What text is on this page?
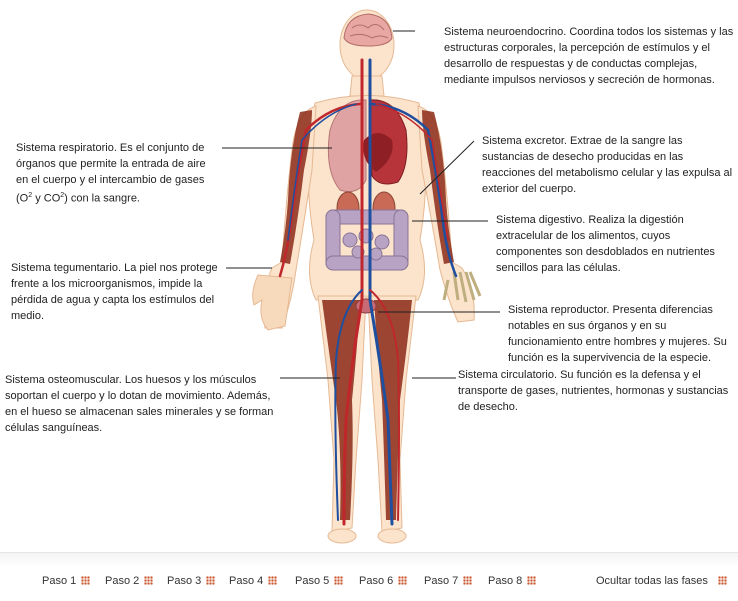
Sistema neuroendocrino. Coordina todos los sistemas y las estructuras corporales, la percepción de estímulos y el desarrollo de respuestas y de conductas complejas, mediante impulsos nerviosos y secreción de hormonas.
Sistema respiratorio. Es el conjunto de órganos que permite la entrada de aire en el cuerpo y el intercambio de gases ($O^2$ y $CO^2$) con la sangre.
Sistema excretor. Extrae de la sangre las sustancias de desecho producidas en las reacciones del metabolismo celular y las expulsa al exterior del cuerpo.
Sistema digestivo. Realiza la digestión extracelular de los alimentos, cuyos componentes son desdoblados en nutrientes sencillos para las células.
Sistema tegumentario. La piel nos protege frente a los microorganismos, impide la pérdida de agua y capta los estímulos del medio.	Sistema reproductor. Presenta diferencias notables en sus órganos y en su funcionamiento entre hombres y mujeres. Su función es la supervivencia de la especie.
Sistema osteomuscular. Los huesos y los músculos soportan el cuerpo y lo dotan de movimiento. Además, en el hueso se almacenan sales minerales y se forman células sanguíneas.
Sistema circulatorio. Su función es la defensa y el transporte de gases, nutrientes, hormonas y sustancias de desecho.
Paso 1	Paso 2	Paso 3	Paso 4	Paso 5	Paso 6	Paso 7	Paso 8	Ocultar todas las fases
